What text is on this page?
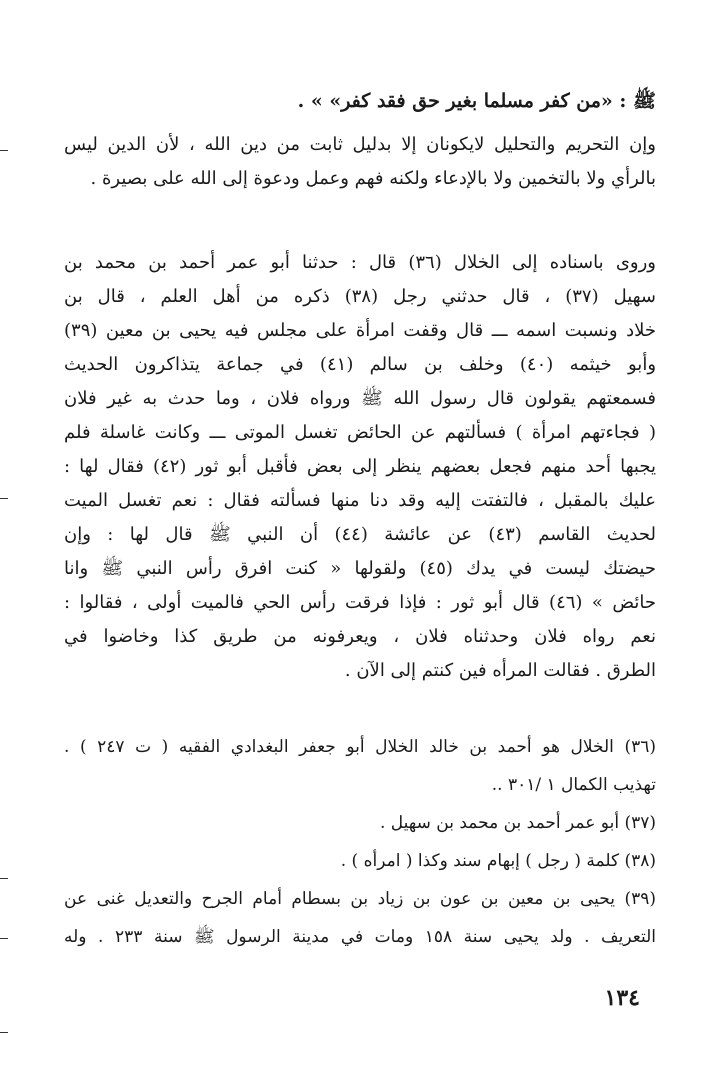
ﷺ : «من كفر مسلما بغير حق فقد كفر» » .
وإن التحريم والتحليل لايكونان إلا بدليل ثابت من دين الله ، لأن الدين ليس
بالرأي ولا بالتخمين ولا بالإدعاء ولكنه فهم وعمل ودعوة إلى الله على بصيرة .
وروى باسناده إلى الخلال (٣٦) قال : حدثنا أبو عمر أحمد بن محمد بن
سهيل (٣٧) ، قال حدثني رجل (٣٨) ذكره من أهل العلم ، قال بن
خلاد ونسبت اسمه ـــ قال وقفت امرأة على مجلس فيه يحيى بن معين (٣٩)
وأبو خيثمه (٤٠) وخلف بن سالم (٤١) في جماعة يتذاكرون الحديث
فسمعتهم يقولون قال رسول الله ﷺ ورواه فلان ، وما حدث به غير فلان
( فجاءتهم امرأة ) فسألتهم عن الحائض تغسل الموتى ـــ وكانت غاسلة فلم
يجبها أحد منهم فجعل بعضهم ينظر إلى بعض فأقبل أبو ثور (٤٢) فقال لها :
عليك بالمقبل ، فالتفتت إليه وقد دنا منها فسألته فقال : نعم تغسل الميت
لحديث القاسم (٤٣) عن عائشة (٤٤) أن النبي ﷺ قال لها : وإن
حيضتك ليست في يدك (٤٥) ولقولها « كنت افرق رأس النبي ﷺ وانا
حائض » (٤٦) قال أبو ثور : فإذا فرقت رأس الحي فالميت أولى ، فقالوا :
نعم رواه فلان وحدثناه فلان ، ويعرفونه من طريق كذا وخاضوا في
الطرق . فقالت المرأه فين كنتم إلى الآن .
(٣٦) الخلال هو أحمد بن خالد الخلال أبو جعفر البغدادي الفقيه ( ت ٢٤٧ ) .
تهذيب الكمال ١ /٣٠١ ..
(٣٧) أبو عمر أحمد بن محمد بن سهيل .
(٣٨) كلمة ( رجل ) إبهام سند وكذا ( امرأه ) .
(٣٩) يحيى بن معين بن عون بن زياد بن بسطام أمام الجرح والتعديل غنى عن
التعريف . ولد يحيى سنة ١٥٨ ومات في مدينة الرسول ﷺ سنة ٢٣٣ . وله
١٣٤
